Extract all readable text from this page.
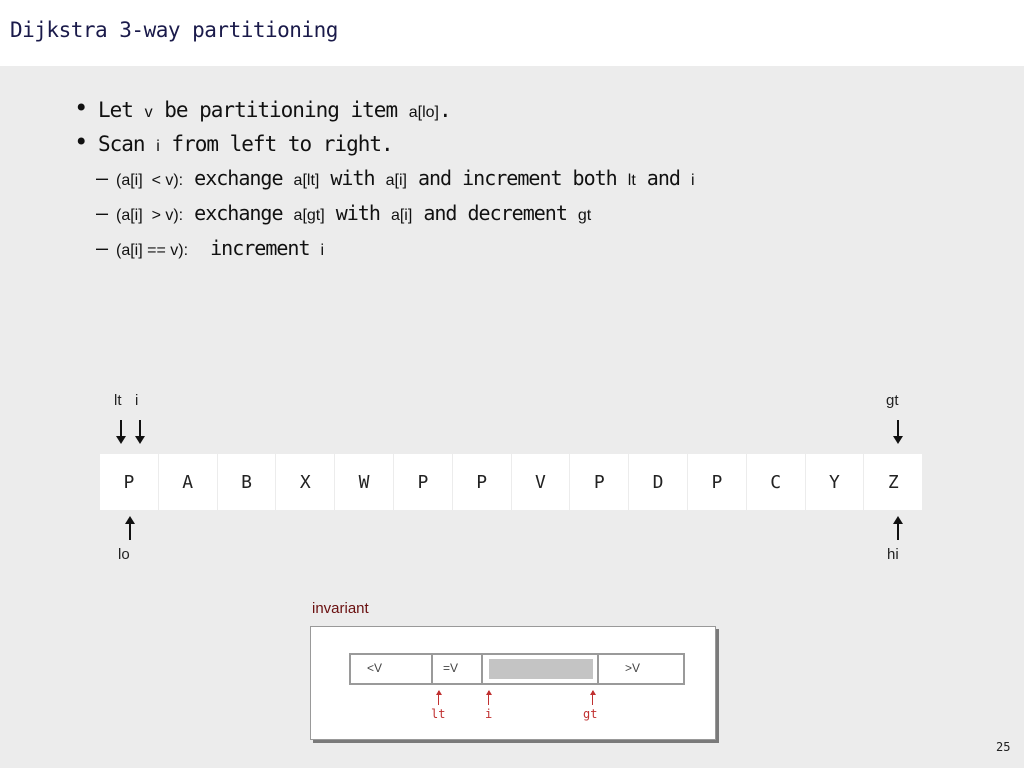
Dijkstra 3-way partitioning
• Let v be partitioning item a[lo].
• Scan i from left to right.
– (a[i]  < v): exchange a[lt] with a[i] and increment both lt and i
– (a[i]  > v): exchange a[gt] with a[i] and decrement gt
– (a[i] == v):  increment i
lt i	gt
P	A	B	X	W	P	P	V	P	D	P	C	Y	Z
lo	hi
invariant
<V	=V	>V
lt	i	gt
25
